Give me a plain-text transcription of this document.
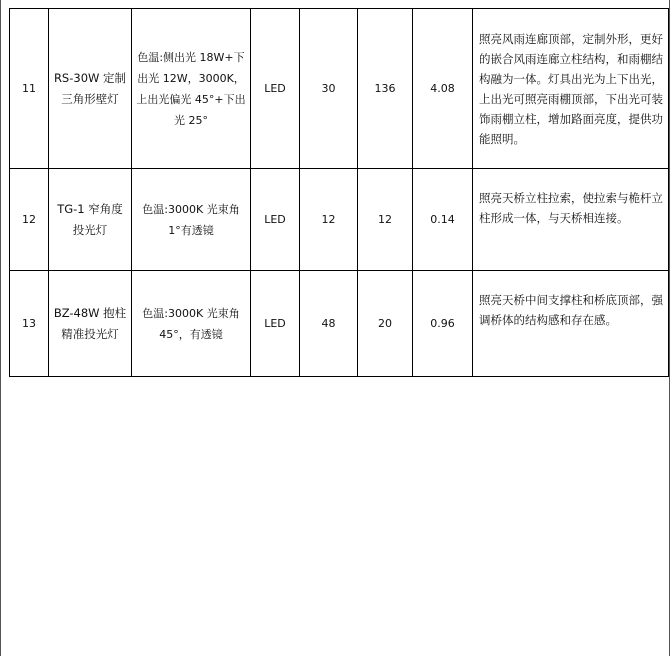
11	RS-30W 定制三角形壁灯	色温:侧出光 18W+下出光 12W，3000K，上出光偏光 45°+下出光 25°	LED	30	136	4.08	照亮风雨连廊顶部，定制外形，更好的嵌合风雨连廊立柱结构，和雨棚结构融为一体。灯具出光为上下出光，上出光可照亮雨棚顶部，下出光可装饰雨棚立柱，增加路面亮度，提供功能照明。
12	TG-1 窄角度投光灯	色温:3000K 光束角 1°有透镜	LED	12	12	0.14	照亮天桥立柱拉索，使拉索与桅杆立柱形成一体，与天桥相连接。
13	BZ-48W 抱柱精准投光灯	色温:3000K 光束角 45°，有透镜	LED	48	20	0.96	照亮天桥中间支撑柱和桥底顶部，强调桥体的结构感和存在感。
